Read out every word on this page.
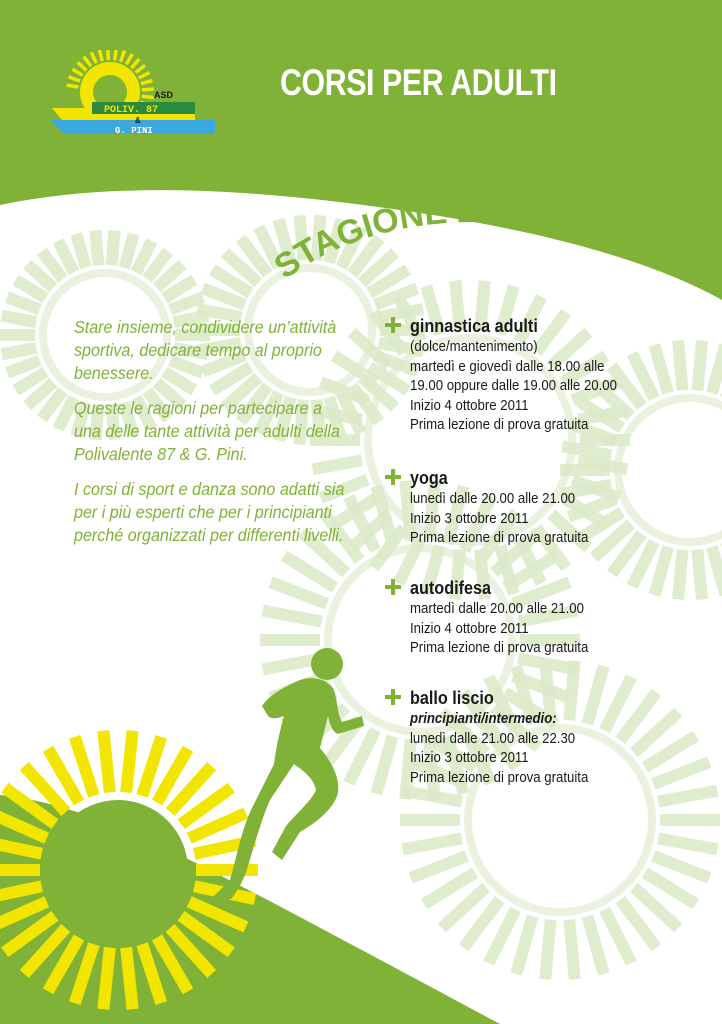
ASD
POLIV. 87
&
G. PINI
CORSI PER ADULTI
STAGIONE 2011-2012

Stare insieme, condividere un’attività sportiva, dedicare tempo al proprio benessere.

Queste le ragioni per partecipare a una delle tante attività per adulti della Polivalente 87 & G. Pini.

I corsi di sport e danza sono adatti sia per i più esperti che per i principianti perché organizzati per differenti livelli.

ginnastica adulti
(dolce/mantenimento)
martedì e giovedì dalle 18.00 alle
19.00 oppure dalle 19.00 alle 20.00
Inizio 4 ottobre 2011
Prima lezione di prova gratuita
yoga
lunedì dalle 20.00 alle 21.00
Inizio 3 ottobre 2011
Prima lezione di prova gratuita
autodifesa
martedì dalle 20.00 alle 21.00
Inizio 4 ottobre 2011
Prima lezione di prova gratuita
ballo liscio
principianti/intermedio:
lunedì dalle 21.00 alle 22.30
Inizio 3 ottobre 2011
Prima lezione di prova gratuita
